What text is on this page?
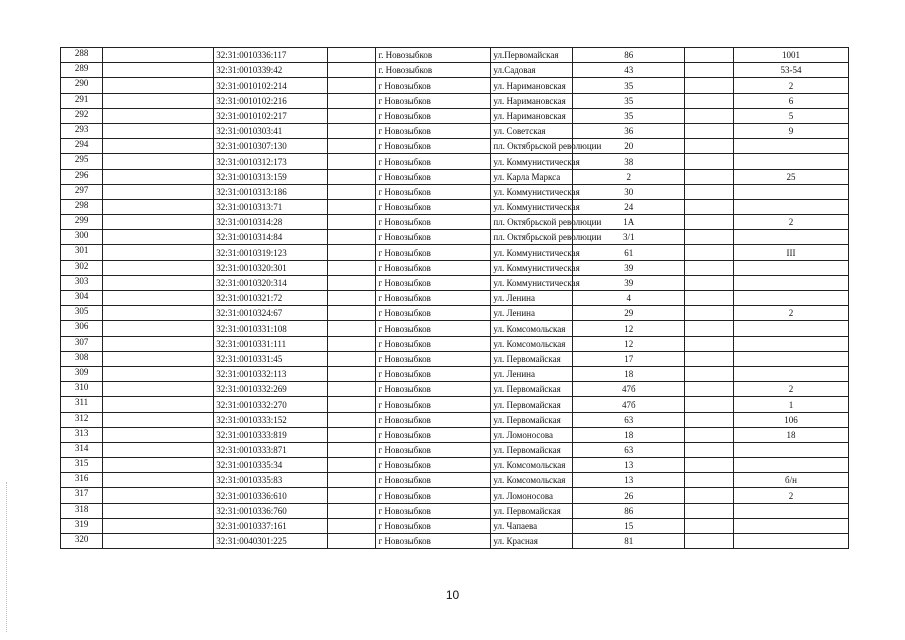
288		32:31:0010336:117		г. Новозыбков	ул.Первомайская	86		1001
289		32:31:0010339:42		г. Новозыбков	ул.Садовая	43		53-54
290		32:31:0010102:214		г Новозыбков	ул. Наримановская	35		2
291		32:31:0010102:216		г Новозыбков	ул. Наримановская	35		6
292		32:31:0010102:217		г Новозыбков	ул. Наримановская	35		5
293		32:31:0010303:41		г Новозыбков	ул. Советская	36		9
294		32:31:0010307:130		г Новозыбков	пл. Октябрьской революции	20		
295		32:31:0010312:173		г Новозыбков	ул. Коммунистическая	38		
296		32:31:0010313:159		г Новозыбков	ул. Карла Маркса	2		25
297		32:31:0010313:186		г Новозыбков	ул. Коммунистическая	30		
298		32:31:0010313:71		г Новозыбков	ул. Коммунистическая	24		
299		32:31:0010314:28		г Новозыбков	пл. Октябрьской революции	1А		2
300		32:31:0010314:84		г Новозыбков	пл. Октябрьской революции	3/1		
301		32:31:0010319:123		г Новозыбков	ул. Коммунистическая	61		III
302		32:31:0010320:301		г Новозыбков	ул. Коммунистическая	39		
303		32:31:0010320:314		г Новозыбков	ул. Коммунистическая	39		
304		32:31:0010321:72		г Новозыбков	ул. Ленина	4		
305		32:31:0010324:67		г Новозыбков	ул. Ленина	29		2
306		32:31:0010331:108		г Новозыбков	ул. Комсомольская	12		
307		32:31:0010331:111		г Новозыбков	ул. Комсомольская	12		
308		32:31:0010331:45		г Новозыбков	ул. Первомайская	17		
309		32:31:0010332:113		г Новозыбков	ул. Ленина	18		
310		32:31:0010332:269		г Новозыбков	ул. Первомайская	47б		2
311		32:31:0010332:270		г Новозыбков	ул. Первомайская	47б		1
312		32:31:0010333:152		г Новозыбков	ул. Первомайская	63		106
313		32:31:0010333:819		г Новозыбков	ул. Ломоносова	18		18
314		32:31:0010333:871		г Новозыбков	ул. Первомайская	63		
315		32:31:0010335:34		г Новозыбков	ул. Комсомольская	13		
316		32:31:0010335:83		г Новозыбков	ул. Комсомольская	13		б/н
317		32:31:0010336:610		г Новозыбков	ул. Ломоносова	26		2
318		32:31:0010336:760		г Новозыбков	ул. Первомайская	86		
319		32:31:0010337:161		г Новозыбков	ул. Чапаева	15		
320		32:31:0040301:225		г Новозыбков	ул. Красная	81		
10
